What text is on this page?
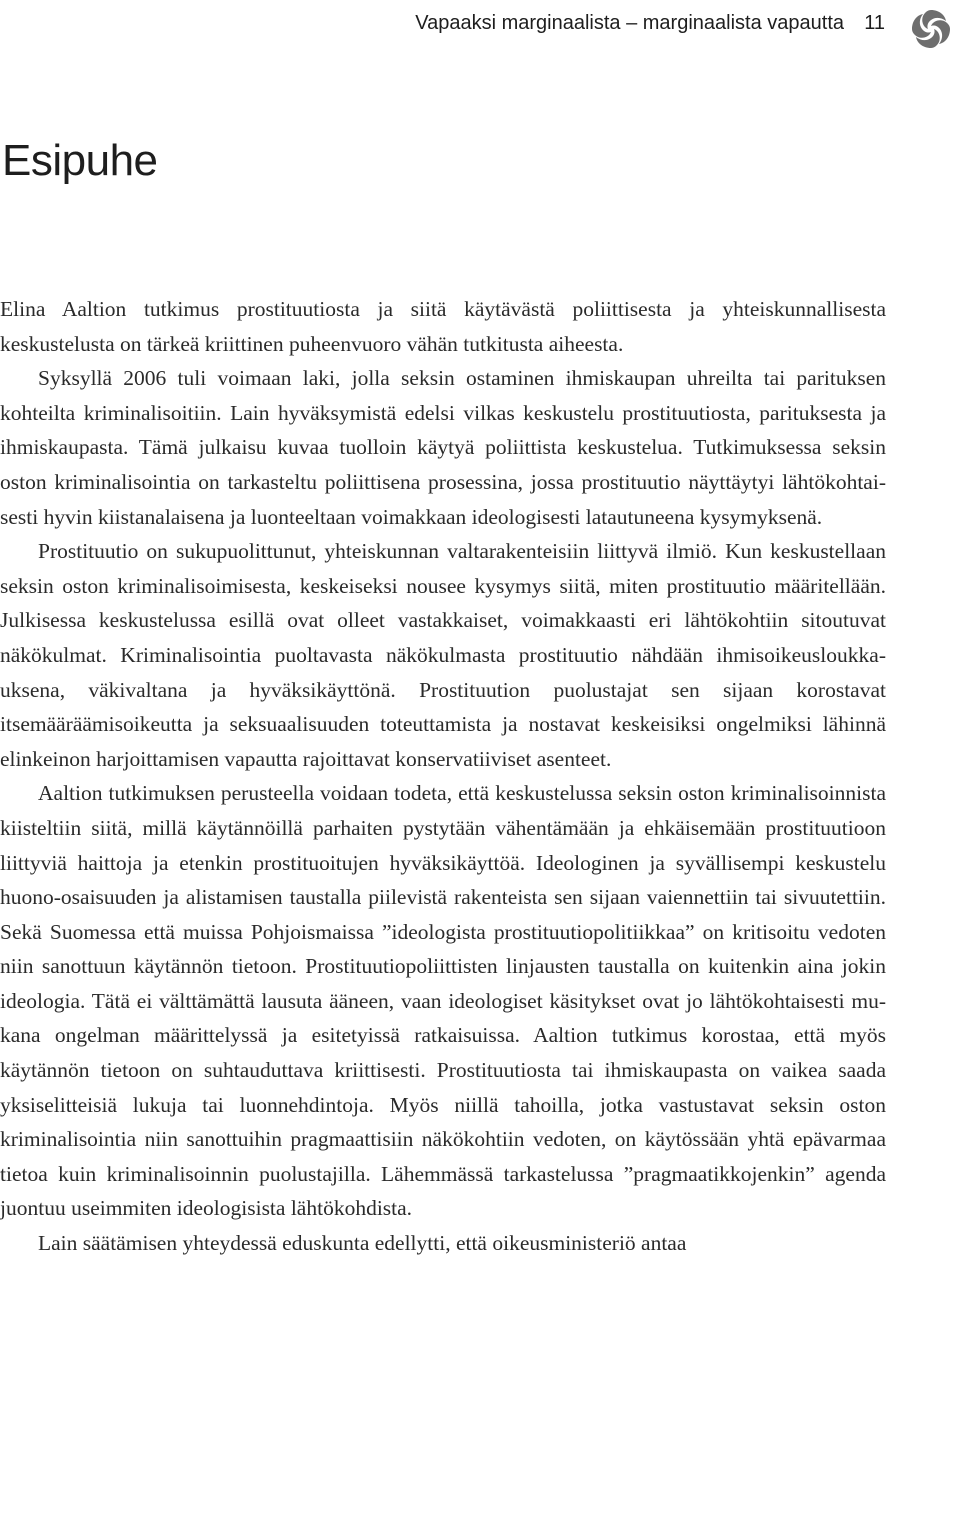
Vapaaksi marginaalista – marginaalista vapautta 11
Esipuhe

Elina Aaltion tutkimus prostituutiosta ja siitä käytävästä poliittisesta ja yhteiskunnallisesta keskustelusta on tärkeä kriittinen puheenvuoro vähän tutkitusta aiheesta.

Syksyllä 2006 tuli voimaan laki, jolla seksin ostaminen ihmiskaupan uhreilta tai parituksen kohteilta kriminalisoitiin. Lain hyväksymistä edelsi vilkas keskustelu prostituutiosta, parituksesta ja ihmiskaupasta. Tämä julkaisu kuvaa tuolloin käytyä poliittista keskustelua. Tutkimuksessa seksin oston kriminalisointia on tarkasteltu poliittisena prosessina, jossa prostituutio näyttäytyi lähtökohtaisesti hyvin kiistanalaisena ja luonteeltaan voimakkaan ideologisesti latautuneena kysymyksenä.

Prostituutio on sukupuolittunut, yhteiskunnan valtarakenteisiin liittyvä ilmiö. Kun keskustellaan seksin oston kriminalisoimisesta, keskeiseksi nousee kysymys siitä, miten prostituutio määritellään. Julkisessa keskustelussa esillä ovat olleet vastakkaiset, voimakkaasti eri lähtökohtiin sitoutuvat näkökulmat. Kriminalisointia puoltavasta näkökulmasta prostituutio nähdään ihmisoikeusloukkauksena, väkivaltana ja hyväksikäyttönä. Prostituution puolustajat sen sijaan korostavat itsemääräämisoikeutta ja seksuaalisuuden toteuttamista ja nostavat keskeisiksi ongelmiksi lähinnä elinkeinon harjoittamisen vapautta rajoittavat konservatiiviset asenteet.

Aaltion tutkimuksen perusteella voidaan todeta, että keskustelussa seksin oston kriminalisoinnista kiisteltiin siitä, millä käytännöillä parhaiten pystytään vähentämään ja ehkäisemään prostituutioon liittyviä haittoja ja etenkin prostituoitujen hyväksikäyttöä. Ideologinen ja syvällisempi keskustelu huono-osaisuuden ja alistamisen taustalla piilevistä rakenteista sen sijaan vaiennettiin tai sivuutettiin. Sekä Suomessa että muissa Pohjoismaissa ”ideologista prostituutiopolitiikkaa” on kritisoitu vedoten niin sanottuun käytännön tietoon. Prostituutiopoliittisten linjausten taustalla on kuitenkin aina jokin ideologia. Tätä ei välttämättä lausuta ääneen, vaan ideologiset käsitykset ovat jo lähtökohtaisesti mukana ongelman määrittelyssä ja esitetyissä ratkaisuissa. Aaltion tutkimus korostaa, että myös käytännön tietoon on suhtauduttava kriittisesti. Prostituutiosta tai ihmiskaupasta on vaikea saada yksiselitteisiä lukuja tai luonnehdintoja. Myös niillä tahoilla, jotka vastustavat seksin oston kriminalisointia niin sanottuihin pragmaattisiin näkökohtiin vedoten, on käytössään yhtä epävarmaa tietoa kuin kriminalisoinnin puolustajilla. Lähemmässä tarkastelussa ”pragmaatikkojenkin” agenda juontuu useimmiten ideologisista lähtökohdista.

Lain säätämisen yhteydessä eduskunta edellytti, että oikeusministeriö antaa
